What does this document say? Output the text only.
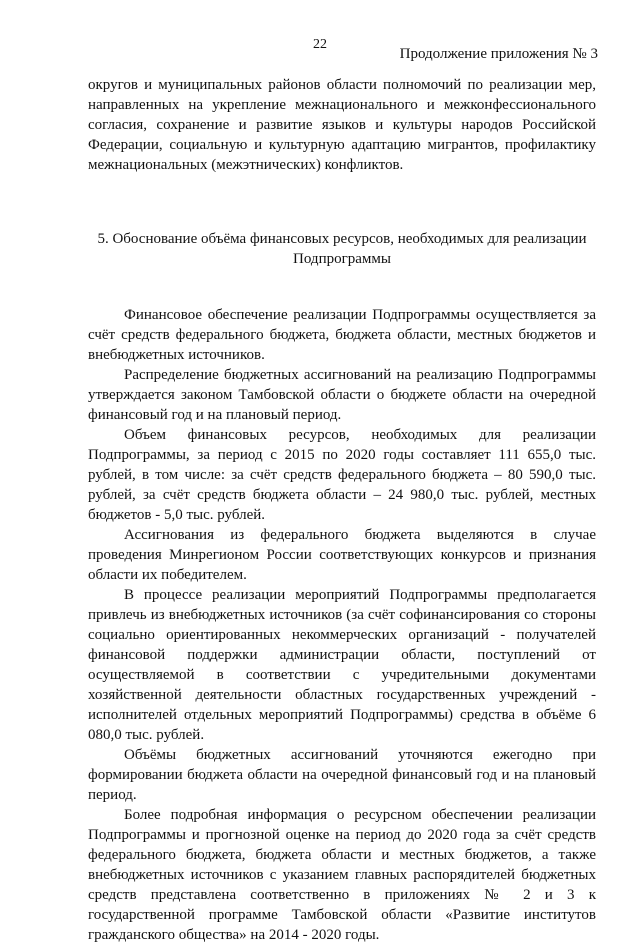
22
Продолжение приложения № 3

округов и муниципальных районов области полномочий по реализации мер, направленных на укрепление межнационального и межконфессионального согласия, сохранение и развитие языков и культуры народов Российской Федерации, социальную и культурную адаптацию мигрантов, профилактику межнациональных (межэтнических) конфликтов.

5. Обоснование объёма финансовых ресурсов, необходимых для реализации Подпрограммы

Финансовое обеспечение реализации Подпрограммы осуществляется за счёт средств федерального бюджета, бюджета области, местных бюджетов и внебюджетных источников.

Распределение бюджетных ассигнований на реализацию Подпрограммы утверждается законом Тамбовской области о бюджете области на очередной финансовый год и на плановый период.

Объем финансовых ресурсов, необходимых для реализации Подпрограммы, за период с 2015 по 2020 годы составляет 111 655,0 тыс. рублей, в том числе: за счёт средств федерального бюджета – 80 590,0 тыс. рублей, за счёт средств бюджета области – 24 980,0 тыс. рублей, местных бюджетов - 5,0 тыс. рублей.

Ассигнования из федерального бюджета выделяются в случае проведения Минрегионом России соответствующих конкурсов и признания области их победителем.

В процессе реализации мероприятий Подпрограммы предполагается привлечь из внебюджетных источников (за счёт софинансирования со стороны социально ориентированных некоммерческих организаций - получателей финансовой поддержки администрации области, поступлений от осуществляемой в соответствии с учредительными документами хозяйственной деятельности областных государственных учреждений - исполнителей отдельных мероприятий Подпрограммы) средства в объёме 6 080,0 тыс. рублей.

Объёмы бюджетных ассигнований уточняются ежегодно при формировании бюджета области на очередной финансовый год и на плановый период.

Более подробная информация о ресурсном обеспечении реализации Подпрограммы и прогнозной оценке на период до 2020 года за счёт средств федерального бюджета, бюджета области и местных бюджетов, а также внебюджетных источников с указанием главных распорядителей бюджетных средств представлена соответственно в приложениях № 2 и 3 к государственной программе Тамбовской области «Развитие институтов гражданского общества» на 2014 - 2020 годы.
